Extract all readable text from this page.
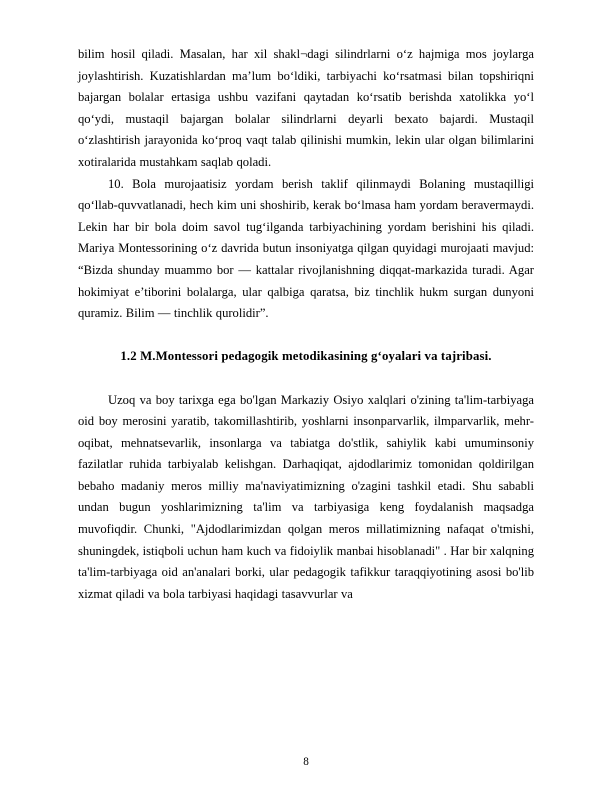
bilim hosil qiladi. Masalan, har xil shakl¬dagi silindrlarni o‘z hajmiga mos joylarga joylashtirish. Kuzatishlardan ma’lum bo‘ldiki, tarbiyachi ko‘rsatmasi bilan topshiriqni bajargan bolalar ertasiga ushbu vazifani qaytadan ko‘rsatib berishda xatolikka yo‘l qo‘ydi, mustaqil bajargan bolalar silindrlarni deyarli bexato bajardi. Mustaqil o‘zlashtirish jarayonida ko‘proq vaqt talab qilinishi mumkin, lekin ular olgan bilimlarini xotiralarida mustahkam saqlab qoladi.

10. Bola murojaatisiz yordam berish taklif qilinmaydi Bolaning mustaqilligi qo‘llab-quvvatlanadi, hech kim uni shoshirib, kerak bo‘lmasa ham yordam beravermaydi. Lekin har bir bola doim savol tug‘ilganda tarbiyachining yordam berishini his qiladi. Mariya Montessorining o‘z davrida butun insoniyatga qilgan quyidagi murojaati mavjud: “Bizda shunday muammo bor — kattalar rivojlanishning diqqat-markazida turadi. Agar hokimiyat e’tiborini bolalarga, ular qalbiga qaratsa, biz tinchlik hukm surgan dunyoni quramiz. Bilim — tinchlik qurolidir”.

1.2 M.Montessori pedagogik metodikasining g‘oyalari va tajribasi.

Uzoq va boy tarixga ega bo'lgan Markaziy Osiyo xalqlari o'zining ta'lim-tarbiyaga oid boy merosini yaratib, takomillashtirib, yoshlarni insonparvarlik, ilmparvarlik, mehr-oqibat, mehnatsevarlik, insonlarga va tabiatga do'stlik, sahiylik kabi umuminsoniy fazilatlar ruhida tarbiyalab kelishgan. Darhaqiqat, ajdodlarimiz tomonidan qoldirilgan bebaho madaniy meros milliy ma'naviyatimizning o'zagini tashkil etadi. Shu sababli undan bugun yoshlarimizning ta'lim va tarbiyasiga keng foydalanish maqsadga muvofiqdir. Chunki, "Ajdodlarimizdan qolgan meros millatimizning nafaqat o'tmishi, shuningdek, istiqboli uchun ham kuch va fidoiylik manbai hisoblanadi" . Har bir xalqning ta'lim-tarbiyaga oid an'analari borki, ular pedagogik tafikkur taraqqiyotining asosi bo'lib xizmat qiladi va bola tarbiyasi haqidagi tasavvurlar va

8
